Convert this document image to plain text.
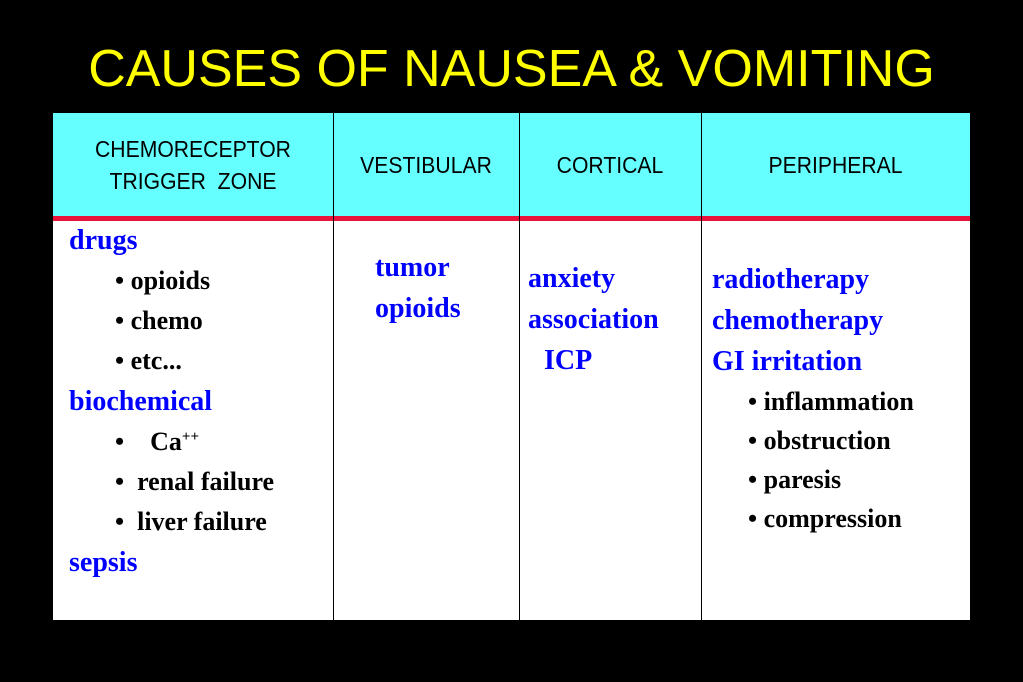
CAUSES OF NAUSEA & VOMITING
CHEMORECEPTOR
TRIGGER  ZONE
VESTIBULAR	CORTICAL	PERIPHERAL
drugs
• opioids
• chemo
• etc...
biochemical
• Ca++
•  renal failure
•  liver failure
sepsis
tumor
opioids
anxiety
association
ICP
radiotherapy
chemotherapy
GI irritation
• inflammation
• obstruction
• paresis
• compression
